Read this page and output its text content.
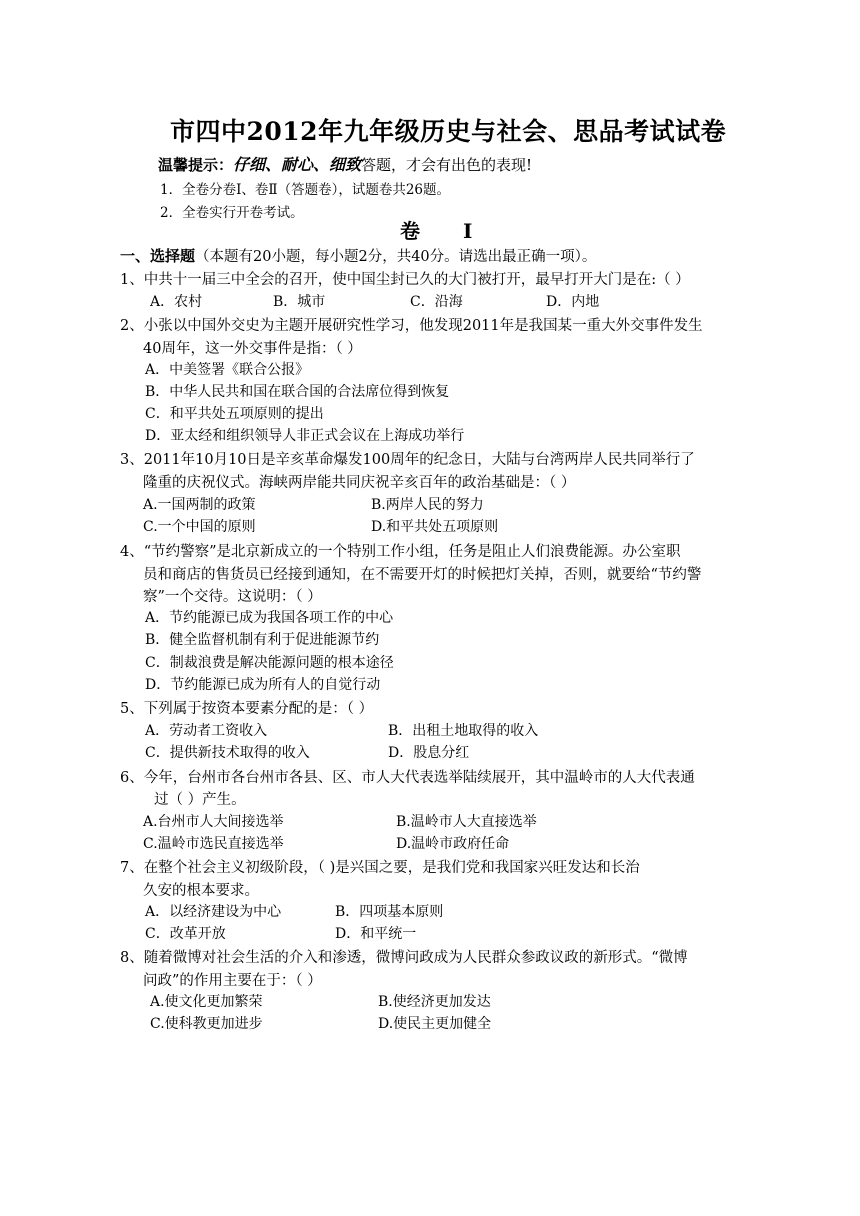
市四中2012年九年级历史与社会、思品考试试卷
温馨提示：仔细、耐心、细致答题，才会有出色的表现!
1．全卷分卷Ⅰ、卷Ⅱ（答题卷），试题卷共26题。
2．全卷实行开卷考试。
卷 Ⅰ
一、选择题（本题有20小题，每小题2分，共40分。请选出最正确一项）。
1、中共十一届三中全会的召开，使中国尘封已久的大门被打开，最早打开大门是在:（ ）
A．农村	B．城市	C．沿海	D．内地
2、小张以中国外交史为主题开展研究性学习，他发现2011年是我国某一重大外交事件发生
40周年，这一外交事件是指：（ ）
A．中美签署《联合公报》
B．中华人民共和国在联合国的合法席位得到恢复
C．和平共处五项原则的提出
D．亚太经和组织领导人非正式会议在上海成功举行
3、2011年10月10日是辛亥革命爆发100周年的纪念日，大陆与台湾两岸人民共同举行了
隆重的庆祝仪式。海峡两岸能共同庆祝辛亥百年的政治基础是：（ ）
A.一国两制的政策	B.两岸人民的努力
C.一个中国的原则	D.和平共处五项原则
4、“节约警察”是北京新成立的一个特别工作小组，任务是阻止人们浪费能源。办公室职
员和商店的售货员已经接到通知，在不需要开灯的时候把灯关掉，否则，就要给“节约警
察”一个交待。这说明：（ ）
A．节约能源已成为我国各项工作的中心
B．健全监督机制有利于促进能源节约
C．制裁浪费是解决能源问题的根本途径
D．节约能源已成为所有人的自觉行动
5、下列属于按资本要素分配的是：（ ）
A．劳动者工资收入	B．出租土地取得的收入
C．提供新技术取得的收入	D．股息分红
6、今年，台州市各台州市各县、区、市人大代表选举陆续展开，其中温岭市的人大代表通
过（ ）产生。
A.台州市人大间接选举	B.温岭市人大直接选举
C.温岭市选民直接选举	D.温岭市政府任命
7、在整个社会主义初级阶段，（ )是兴国之要，是我们党和我国家兴旺发达和长治
久安的根本要求。
A．以经济建设为中心	B．四项基本原则
C．改革开放	D．和平统一
8、随着微博对社会生活的介入和渗透，微博问政成为人民群众参政议政的新形式。“微博
问政”的作用主要在于：（ ）
A.使文化更加繁荣	B.使经济更加发达
C.使科教更加进步	D.使民主更加健全
